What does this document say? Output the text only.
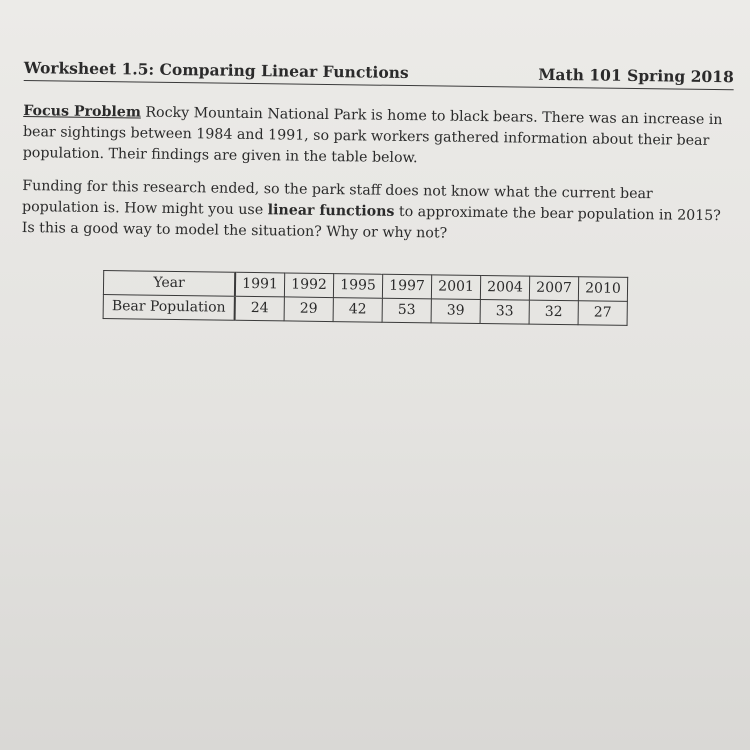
Worksheet 1.5: Comparing Linear Functions	Math 101 Spring 2018

Focus Problem Rocky Mountain National Park is home to black bears. There was an increase in bear sightings between 1984 and 1991, so park workers gathered information about their bear population. Their findings are given in the table below.

Funding for this research ended, so the park staff does not know what the current bear population is. How might you use linear functions to approximate the bear population in 2015? Is this a good way to model the situation? Why or why not?

Year	1991	1992	1995	1997	2001	2004	2007	2010
Bear Population	24	29	42	53	39	33	32	27
